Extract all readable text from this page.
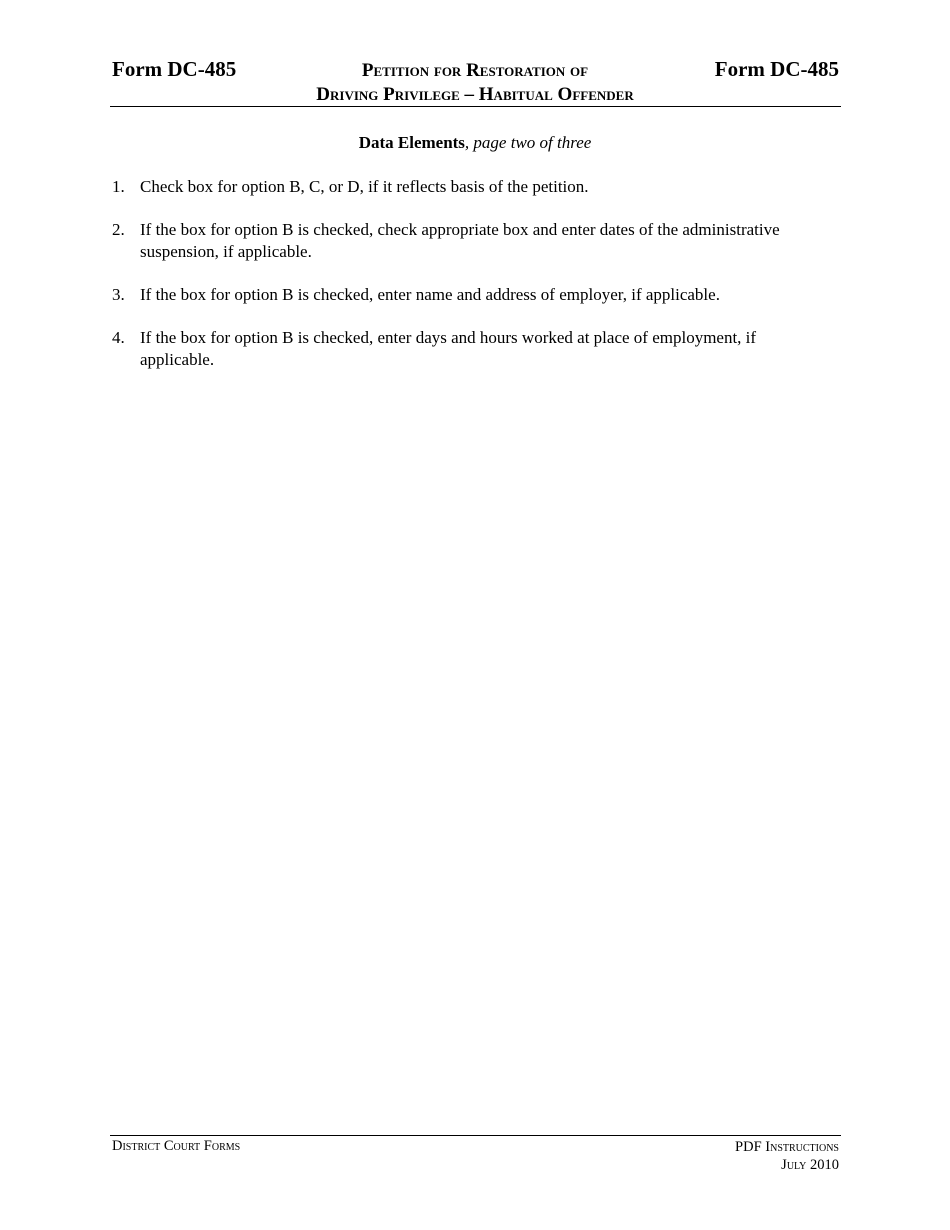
Form DC-485	Petition for Restoration of
Driving Privilege – Habitual Offender
Form DC-485
Data Elements, page two of three
1. Check box for option B, C, or D, if it reflects basis of the petition.
2. If the box for option B is checked, check appropriate box and enter dates of the administrative suspension, if applicable.
3. If the box for option B is checked, enter name and address of employer, if applicable.
4. If the box for option B is checked, enter days and hours worked at place of employment, if applicable.
District Court Forms	PDF Instructions
July 2010
